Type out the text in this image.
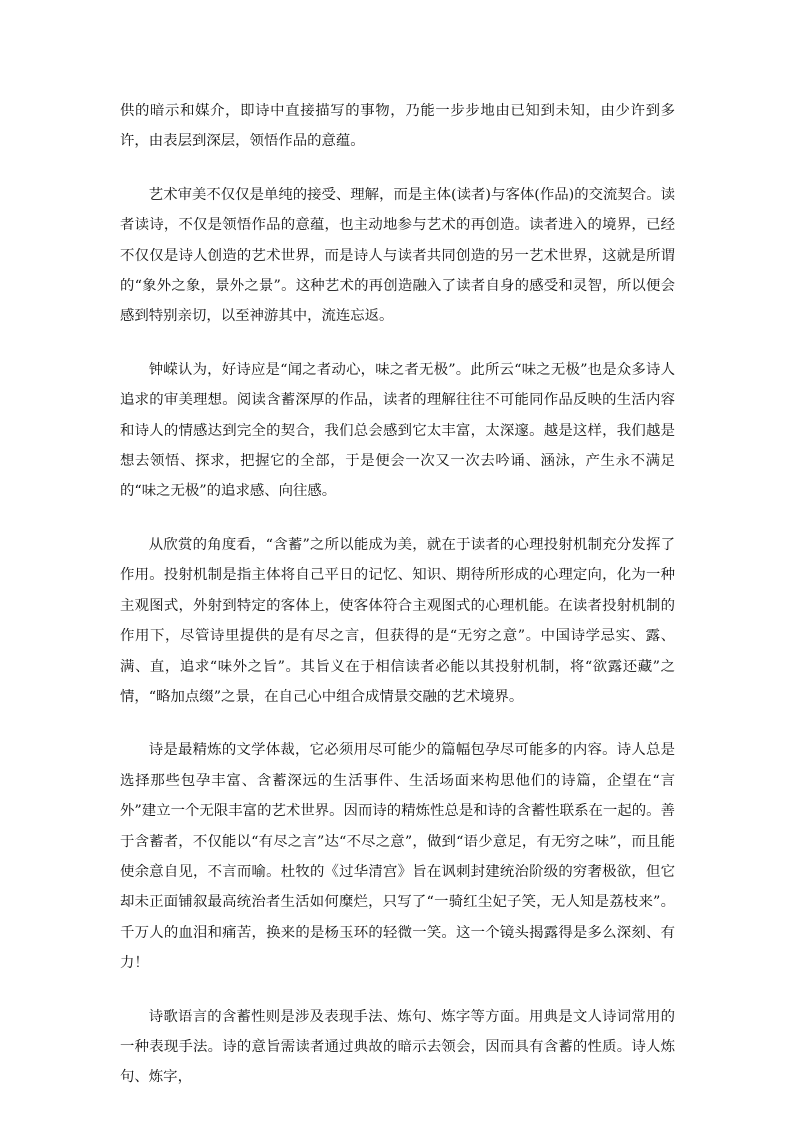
供的暗示和媒介，即诗中直接描写的事物，乃能一步步地由已知到未知，由少许到多许，由表层到深层，领悟作品的意蕴。

艺术审美不仅仅是单纯的接受、理解，而是主体(读者)与客体(作品)的交流契合。读者读诗，不仅是领悟作品的意蕴，也主动地参与艺术的再创造。读者进入的境界，已经不仅仅是诗人创造的艺术世界，而是诗人与读者共同创造的另一艺术世界，这就是所谓的“象外之象，景外之景”。这种艺术的再创造融入了读者自身的感受和灵智，所以便会感到特别亲切，以至神游其中，流连忘返。

钟嵘认为，好诗应是“闻之者动心，味之者无极”。此所云“味之无极”也是众多诗人追求的审美理想。阅读含蓄深厚的作品，读者的理解往往不可能同作品反映的生活内容和诗人的情感达到完全的契合，我们总会感到它太丰富，太深邃。越是这样，我们越是想去领悟、探求，把握它的全部，于是便会一次又一次去吟诵、涵泳，产生永不满足的“味之无极”的追求感、向往感。

从欣赏的角度看，“含蓄”之所以能成为美，就在于读者的心理投射机制充分发挥了作用。投射机制是指主体将自己平日的记忆、知识、期待所形成的心理定向，化为一种主观图式，外射到特定的客体上，使客体符合主观图式的心理机能。在读者投射机制的作用下，尽管诗里提供的是有尽之言，但获得的是“无穷之意”。中国诗学忌实、露、满、直，追求“味外之旨”。其旨义在于相信读者必能以其投射机制，将“欲露还藏”之情，“略加点缀”之景，在自己心中组合成情景交融的艺术境界。

诗是最精炼的文学体裁，它必须用尽可能少的篇幅包孕尽可能多的内容。诗人总是选择那些包孕丰富、含蓄深远的生活事件、生活场面来构思他们的诗篇，企望在“言外”建立一个无限丰富的艺术世界。因而诗的精炼性总是和诗的含蓄性联系在一起的。善于含蓄者，不仅能以“有尽之言”达“不尽之意”，做到“语少意足，有无穷之味”，而且能使余意自见，不言而喻。杜牧的《过华清宫》旨在讽刺封建统治阶级的穷奢极欲，但它却未正面铺叙最高统治者生活如何糜烂，只写了“一骑红尘妃子笑，无人知是荔枝来”。千万人的血泪和痛苦，换来的是杨玉环的轻微一笑。这一个镜头揭露得是多么深刻、有力！

诗歌语言的含蓄性则是涉及表现手法、炼句、炼字等方面。用典是文人诗词常用的一种表现手法。诗的意旨需读者通过典故的暗示去领会，因而具有含蓄的性质。诗人炼句、炼字，
